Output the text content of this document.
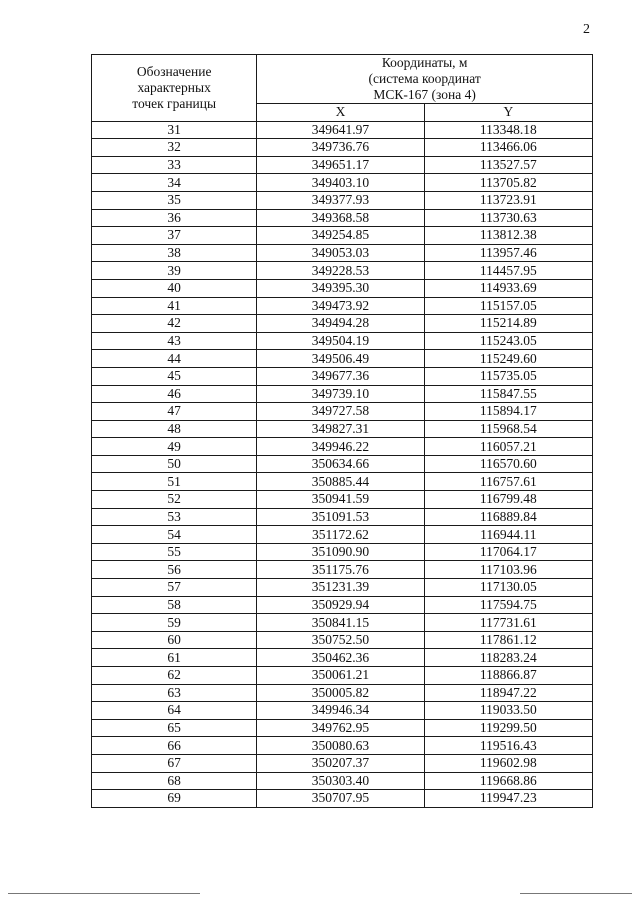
2
Обозначение
характерных
точек границы	Координаты, м
(система координат
МСК-167 (зона 4)	

	X	Y
31	349641.97	113348.18
32	349736.76	113466.06
33	349651.17	113527.57
34	349403.10	113705.82
35	349377.93	113723.91
36	349368.58	113730.63
37	349254.85	113812.38
38	349053.03	113957.46
39	349228.53	114457.95
40	349395.30	114933.69
41	349473.92	115157.05
42	349494.28	115214.89
43	349504.19	115243.05
44	349506.49	115249.60
45	349677.36	115735.05
46	349739.10	115847.55
47	349727.58	115894.17
48	349827.31	115968.54
49	349946.22	116057.21
50	350634.66	116570.60
51	350885.44	116757.61
52	350941.59	116799.48
53	351091.53	116889.84
54	351172.62	116944.11
55	351090.90	117064.17
56	351175.76	117103.96
57	351231.39	117130.05
58	350929.94	117594.75
59	350841.15	117731.61
60	350752.50	117861.12
61	350462.36	118283.24
62	350061.21	118866.87
63	350005.82	118947.22
64	349946.34	119033.50
65	349762.95	119299.50
66	350080.63	119516.43
67	350207.37	119602.98
68	350303.40	119668.86
69	350707.95	119947.23
